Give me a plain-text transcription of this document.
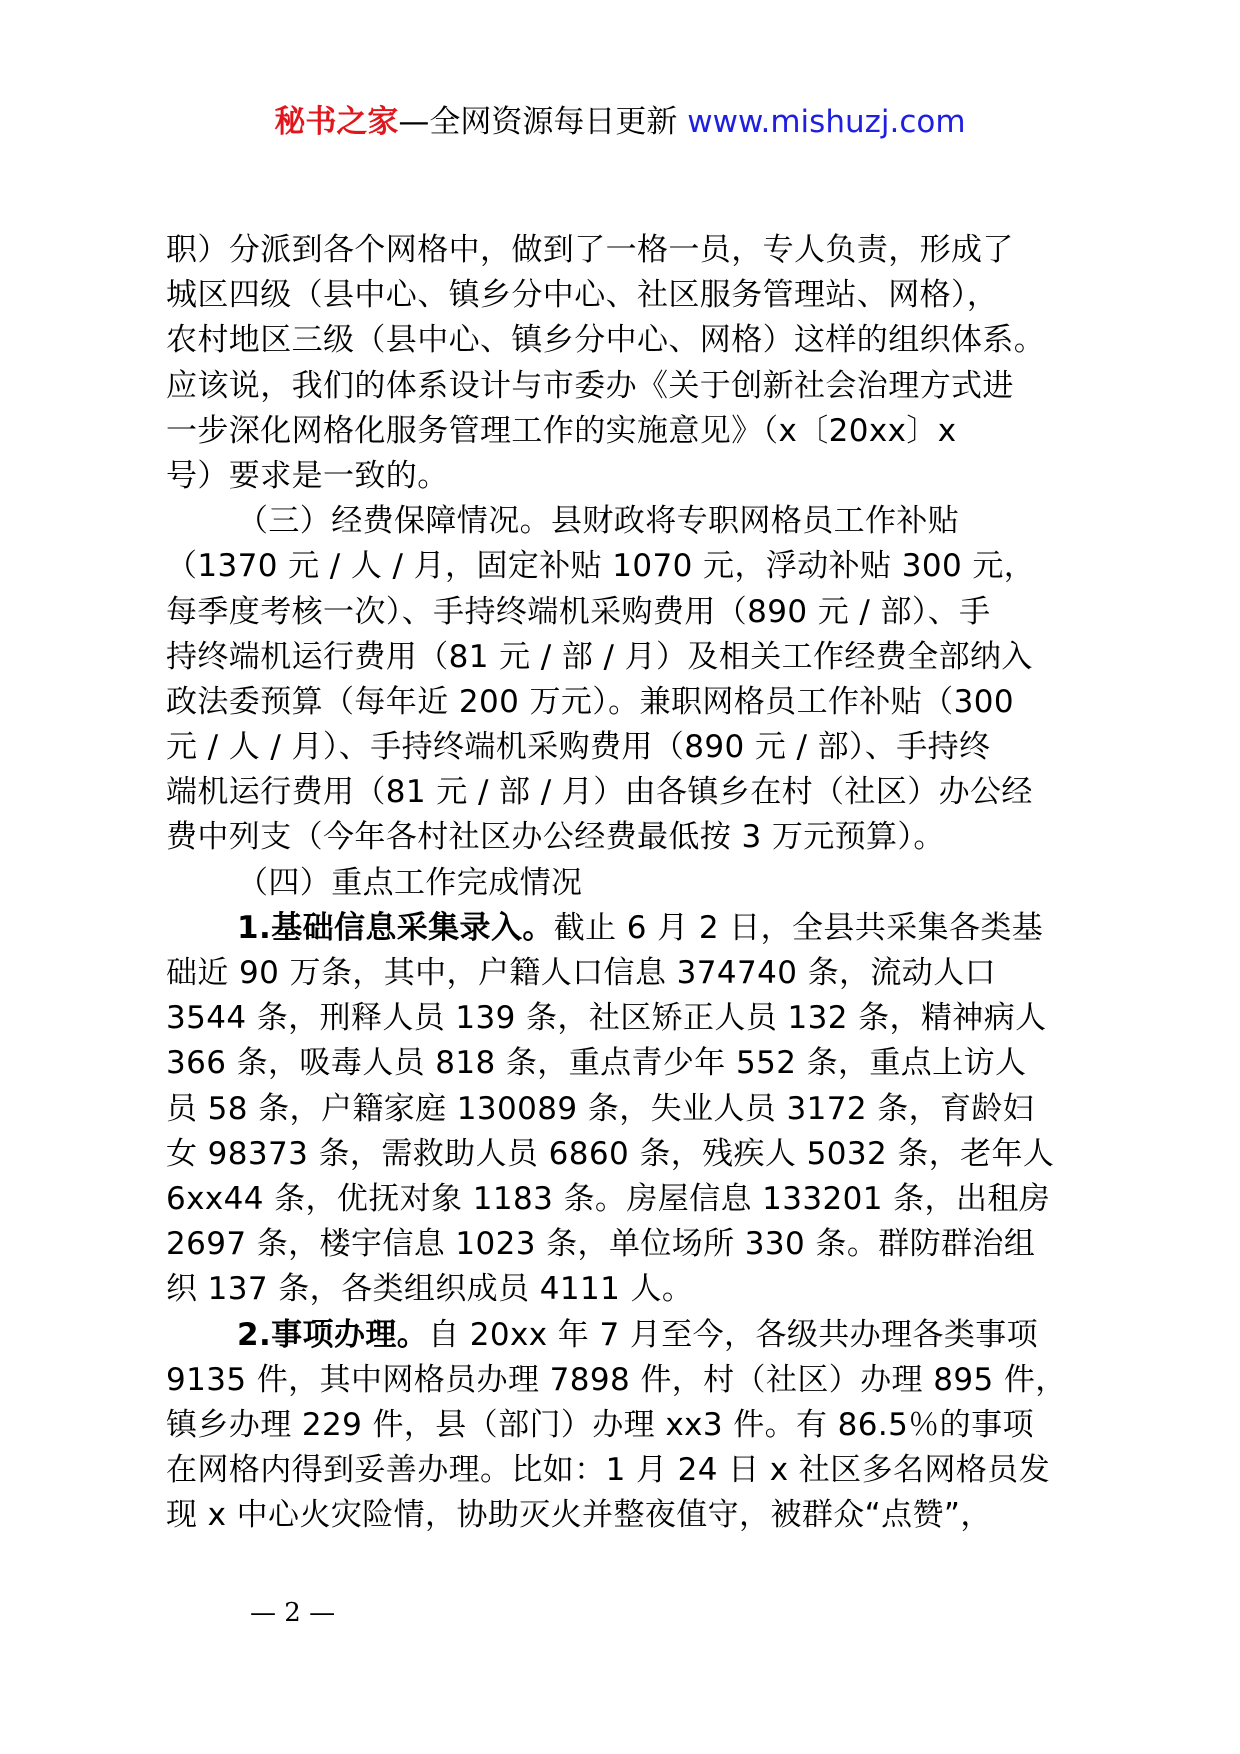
秘书之家—全网资源每日更新 www.mishuzj.com
职）分派到各个网格中，做到了一格一员，专人负责，形成了
城区四级（县中心、镇乡分中心、社区服务管理站、网格），
农村地区三级（县中心、镇乡分中心、网格）这样的组织体系。
应该说，我们的体系设计与市委办《关于创新社会治理方式进
一步深化网格化服务管理工作的实施意见》（x〔20xx〕x
号）要求是一致的。
（三）经费保障情况。县财政将专职网格员工作补贴
（1370 元 / 人 / 月，固定补贴 1070 元，浮动补贴 300 元，
每季度考核一次）、手持终端机采购费用（890 元 / 部）、手
持终端机运行费用（81 元 / 部 / 月）及相关工作经费全部纳入
政法委预算（每年近 200 万元）。兼职网格员工作补贴（300
元 / 人 / 月）、手持终端机采购费用（890 元 / 部）、手持终
端机运行费用（81 元 / 部 / 月）由各镇乡在村（社区）办公经
费中列支（今年各村社区办公经费最低按 3 万元预算）。
（四）重点工作完成情况
1.基础信息采集录入。截止 6 月 2 日，全县共采集各类基
础近 90 万条，其中，户籍人口信息 374740 条，流动人口
3544 条，刑释人员 139 条，社区矫正人员 132 条，精神病人
366 条，吸毒人员 818 条，重点青少年 552 条，重点上访人
员 58 条，户籍家庭 130089 条，失业人员 3172 条，育龄妇
女 98373 条，需救助人员 6860 条，残疾人 5032 条，老年人
6xx44 条，优抚对象 1183 条。房屋信息 133201 条，出租房
2697 条，楼宇信息 1023 条，单位场所 330 条。群防群治组
织 137 条，各类组织成员 4111 人。
2.事项办理。自 20xx 年 7 月至今，各级共办理各类事项
9135 件，其中网格员办理 7898 件，村（社区）办理 895 件，
镇乡办理 229 件，县（部门）办理 xx3 件。有 86.5％的事项
在网格内得到妥善办理。比如：1 月 24 日 x 社区多名网格员发
现 x 中心火灾险情，协助灭火并整夜值守，被群众“点赞”，
— 2 —
